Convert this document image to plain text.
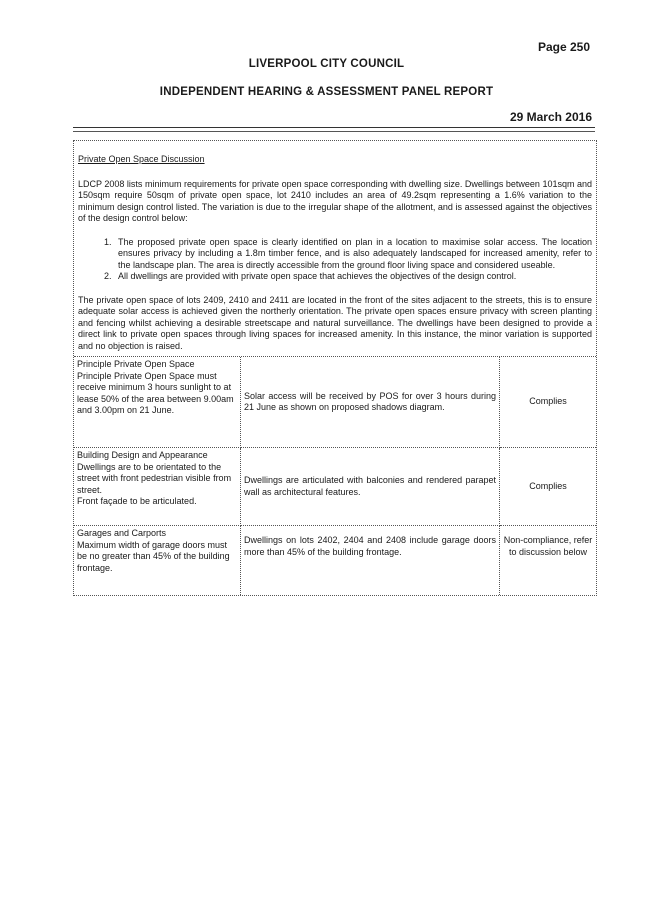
Page 250
LIVERPOOL CITY COUNCIL
INDEPENDENT HEARING & ASSESSMENT PANEL REPORT
29 March 2016
Private Open Space Discussion

LDCP 2008 lists minimum requirements for private open space corresponding with dwelling size. Dwellings between 101sqm and 150sqm require 50sqm of private open space, lot 2410 includes an area of 49.2sqm representing a 1.6% variation to the minimum design control listed. The variation is due to the irregular shape of the allotment, and is assessed against the objectives of the design control below:

1. The proposed private open space is clearly identified on plan in a location to maximise solar access. The location ensures privacy by including a 1.8m timber fence, and is also adequately landscaped for increased amenity, refer to the landscape plan. The area is directly accessible from the ground floor living space and considered useable.
2. All dwellings are provided with private open space that achieves the objectives of the design control.

The private open space of lots 2409, 2410 and 2411 are located in the front of the sites adjacent to the streets, this is to ensure adequate solar access is achieved given the northerly orientation. The private open spaces ensure privacy with screen planting and fencing whilst achieving a desirable streetscape and natural surveillance. The dwellings have been designed to provide a direct link to private open spaces through living spaces for increased amenity. In this instance, the minor variation is supported and no objection is raised.

Principle Private Open Space
Principle Private Open Space must receive minimum 3 hours sunlight to at lease 50% of the area between 9.00am and 3.00pm on 21 June.	Solar access will be received by POS for over 3 hours during 21 June as shown on proposed shadows diagram.	Complies
Building Design and Appearance
Dwellings are to be orientated to the street with front pedestrian visible from street.
Front façade to be articulated.	Dwellings are articulated with balconies and rendered parapet wall as architectural features.	Complies
Garages and Carports
Maximum width of garage doors must be no greater than 45% of the building frontage.	Dwellings on lots 2402, 2404 and 2408 include garage doors more than 45% of the building frontage.	Non-compliance, refer to discussion below
